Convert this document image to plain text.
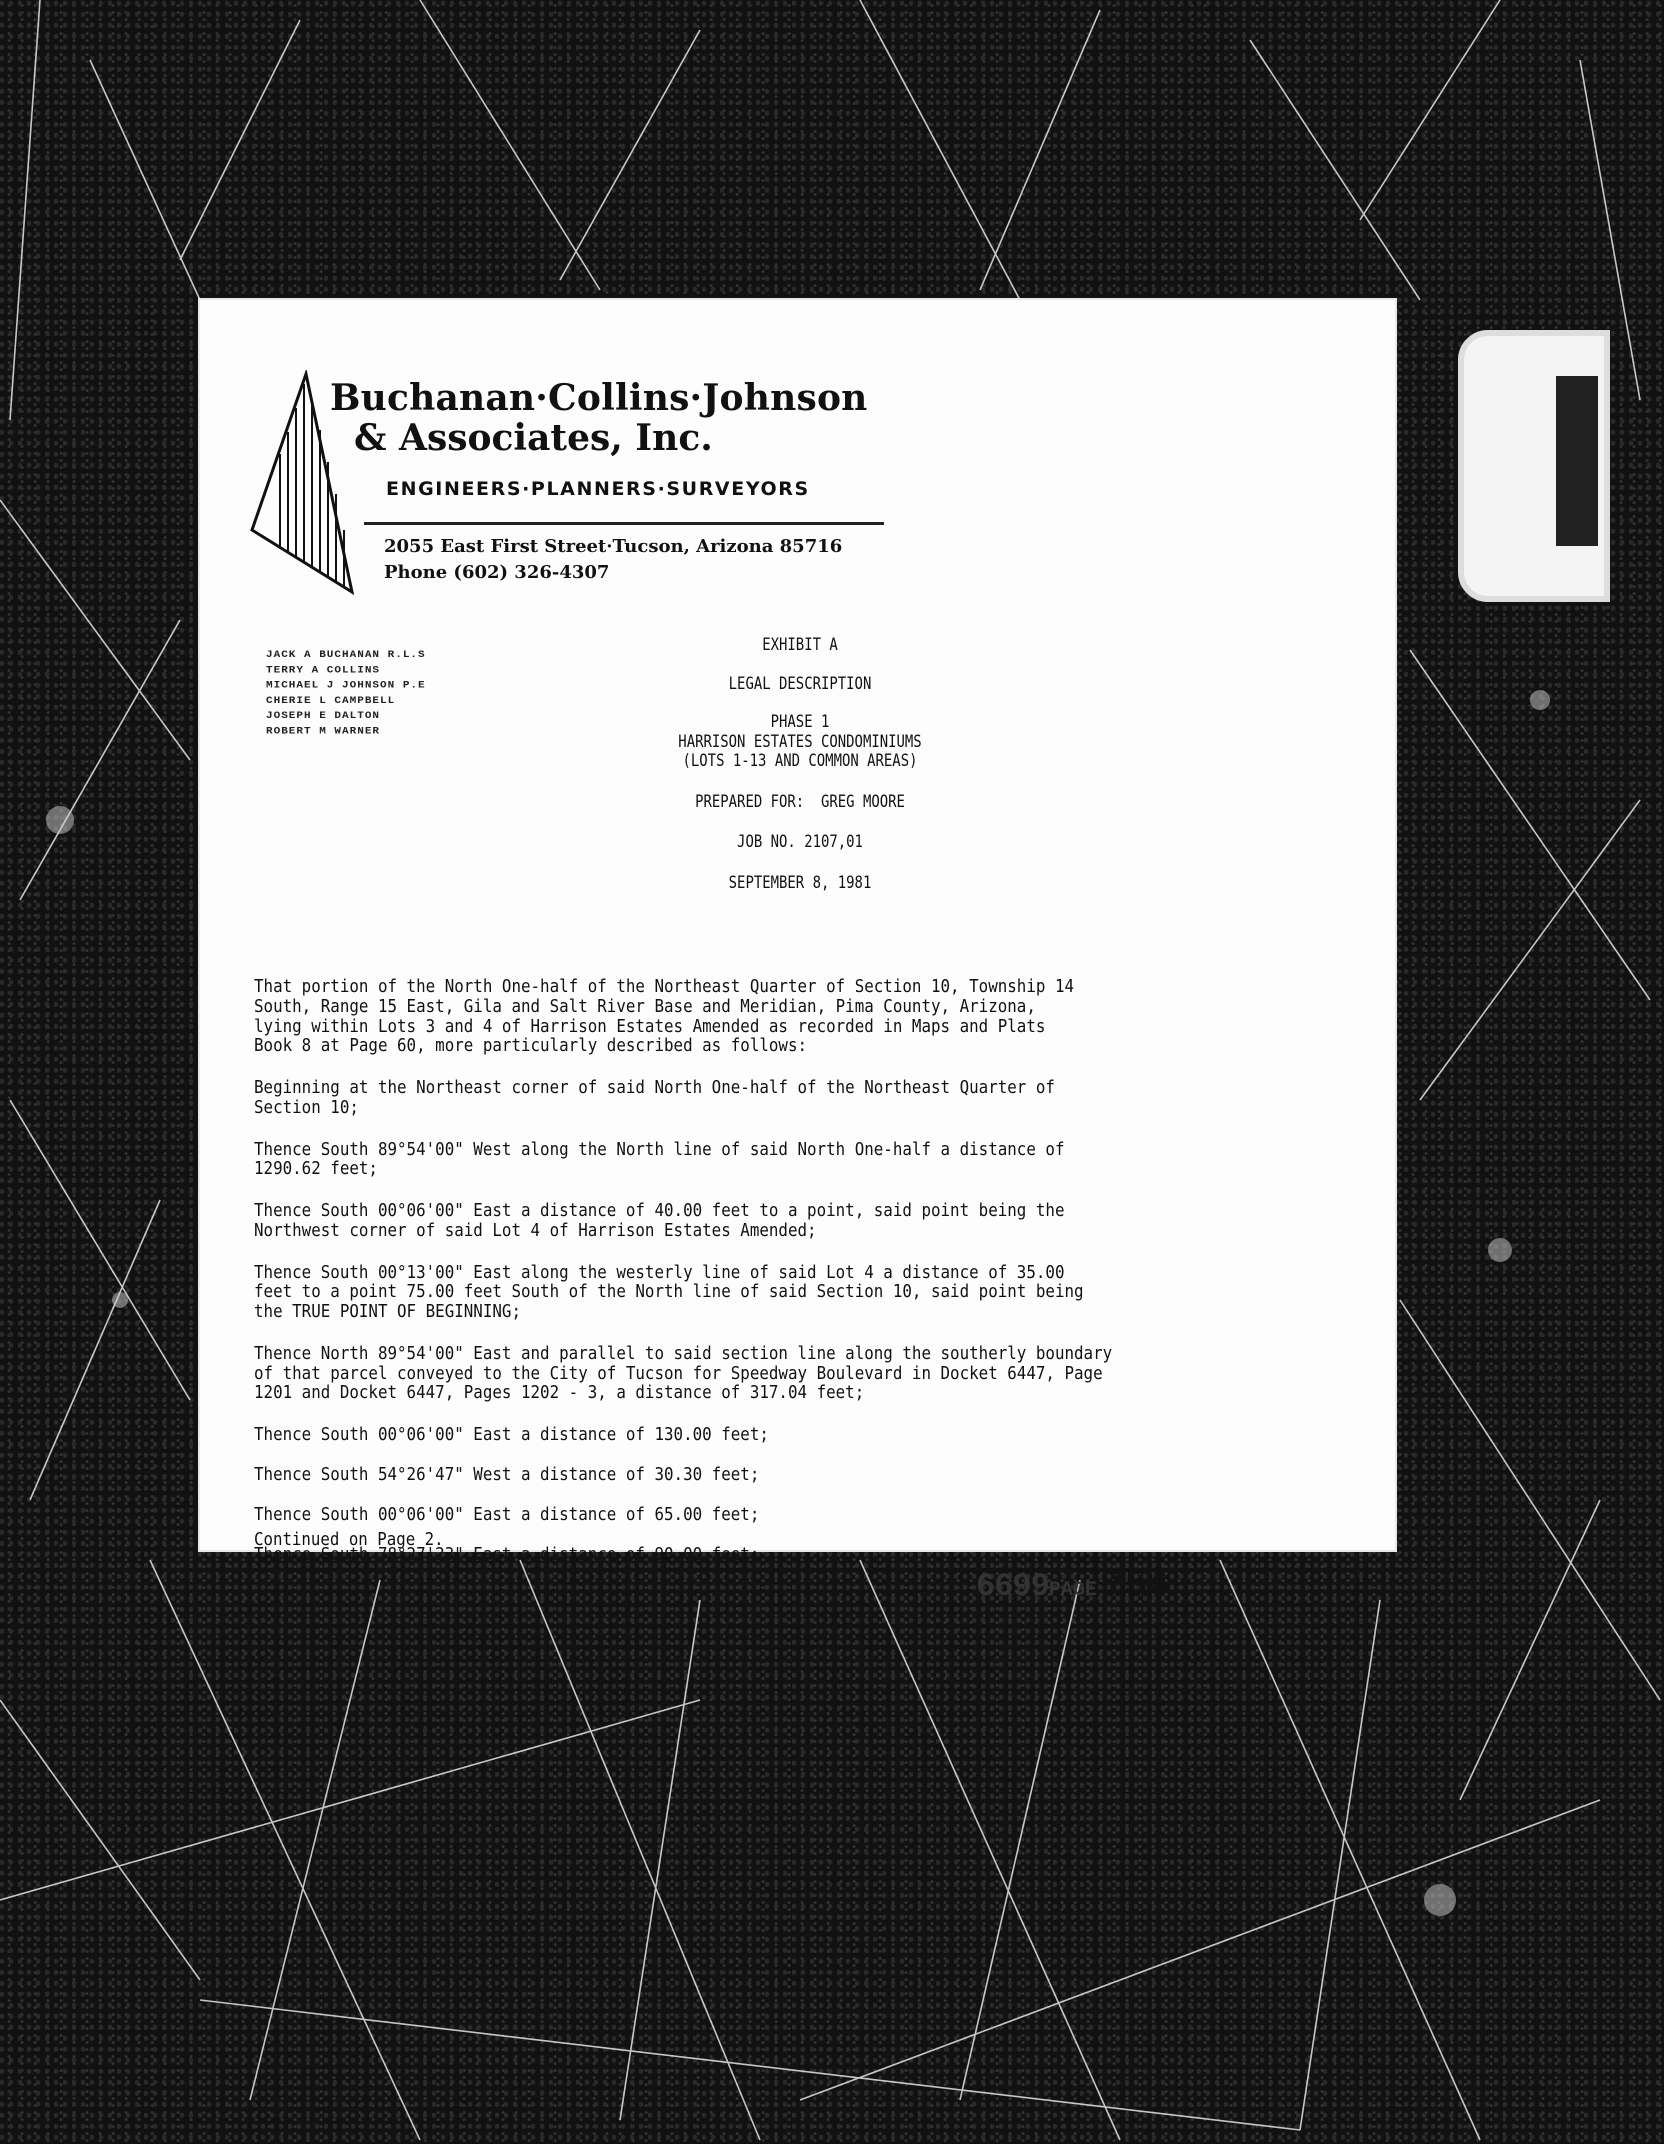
Buchanan·Collins·Johnson
& Associates, Inc.
ENGINEERS·PLANNERS·SURVEYORS
2055 East First Street·Tucson, Arizona 85716
Phone (602) 326-4307
JACK A BUCHANAN R.L.S
TERRY A COLLINS
MICHAEL J JOHNSON P.E
CHERIE L CAMPBELL
JOSEPH E DALTON
ROBERT M WARNER
EXHIBIT A
LEGAL DESCRIPTION
PHASE 1
HARRISON ESTATES CONDOMINIUMS
(LOTS 1-13 AND COMMON AREAS)
PREPARED FOR:  GREG MOORE
JOB NO. 2107,01
SEPTEMBER 8, 1981

That portion of the North One-half of the Northeast Quarter of Section 10, Township 14
South, Range 15 East, Gila and Salt River Base and Meridian, Pima County, Arizona,
lying within Lots 3 and 4 of Harrison Estates Amended as recorded in Maps and Plats
Book 8 at Page 60, more particularly described as follows:

Beginning at the Northeast corner of said North One-half of the Northeast Quarter of
Section 10;

Thence South 89°54'00" West along the North line of said North One-half a distance of
1290.62 feet;

Thence South 00°06'00" East a distance of 40.00 feet to a point, said point being the
Northwest corner of said Lot 4 of Harrison Estates Amended;

Thence South 00°13'00" East along the westerly line of said Lot 4 a distance of 35.00
feet to a point 75.00 feet South of the North line of said Section 10, said point being
the TRUE POINT OF BEGINNING;

Thence North 89°54'00" East and parallel to said section line along the southerly boundary
of that parcel conveyed to the City of Tucson for Speedway Boulevard in Docket 6447, Page
1201 and Docket 6447, Pages 1202 - 3, a distance of 317.04 feet;

Thence South 00°06'00" East a distance of 130.00 feet;

Thence South 54°26'47" West a distance of 30.30 feet;

Thence South 00°06'00" East a distance of 65.00 feet;

Thence South 78°27'23" East a distance of 90.00 feet;

Continued on Page 2.
6699PAGE 754
